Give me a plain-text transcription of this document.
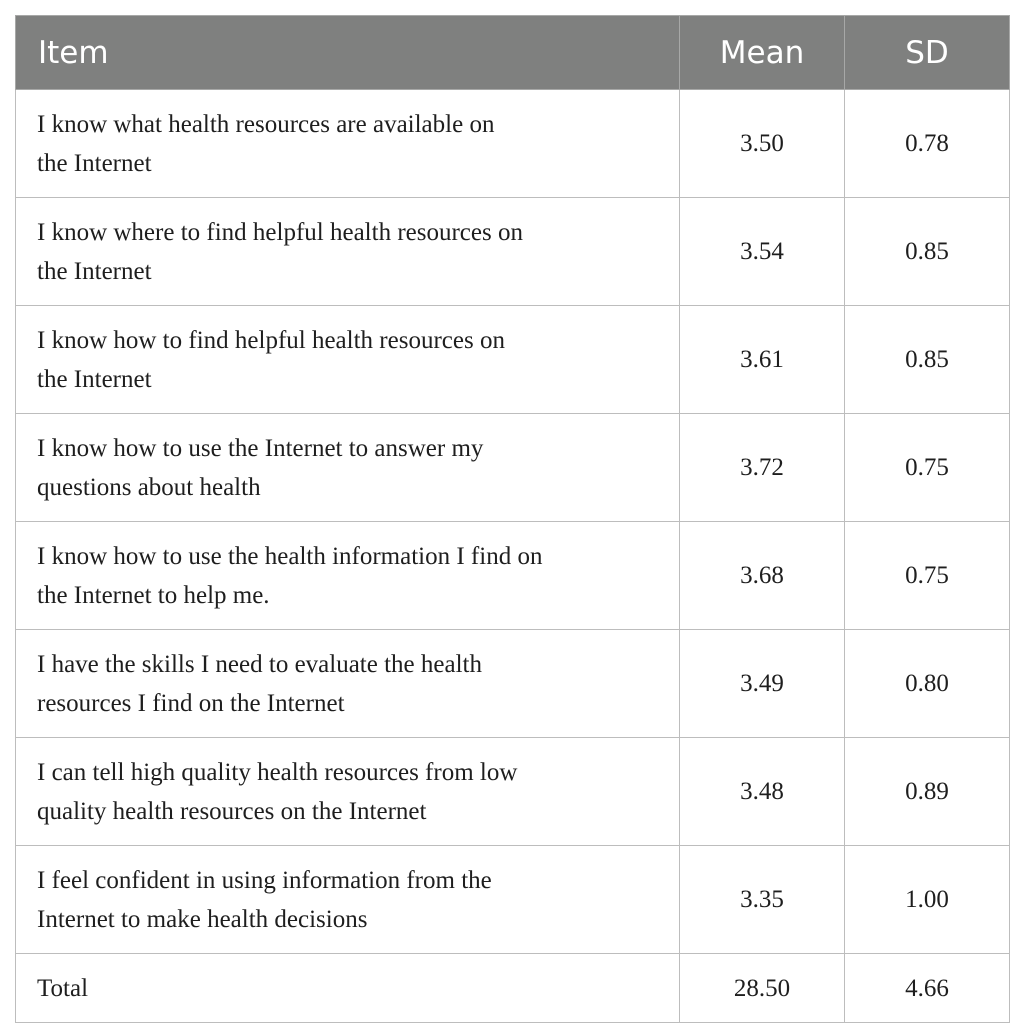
Item	Mean	SD
I know what health resources are available on
the Internet	3.50	0.78
I know where to find helpful health resources on
the Internet	3.54	0.85
I know how to find helpful health resources on
the Internet	3.61	0.85
I know how to use the Internet to answer my
questions about health	3.72	0.75
I know how to use the health information I find on
the Internet to help me.	3.68	0.75
I have the skills I need to evaluate the health
resources I find on the Internet	3.49	0.80
I can tell high quality health resources from low
quality health resources on the Internet	3.48	0.89
I feel confident in using information from the
Internet to make health decisions	3.35	1.00
Total	28.50	4.66
